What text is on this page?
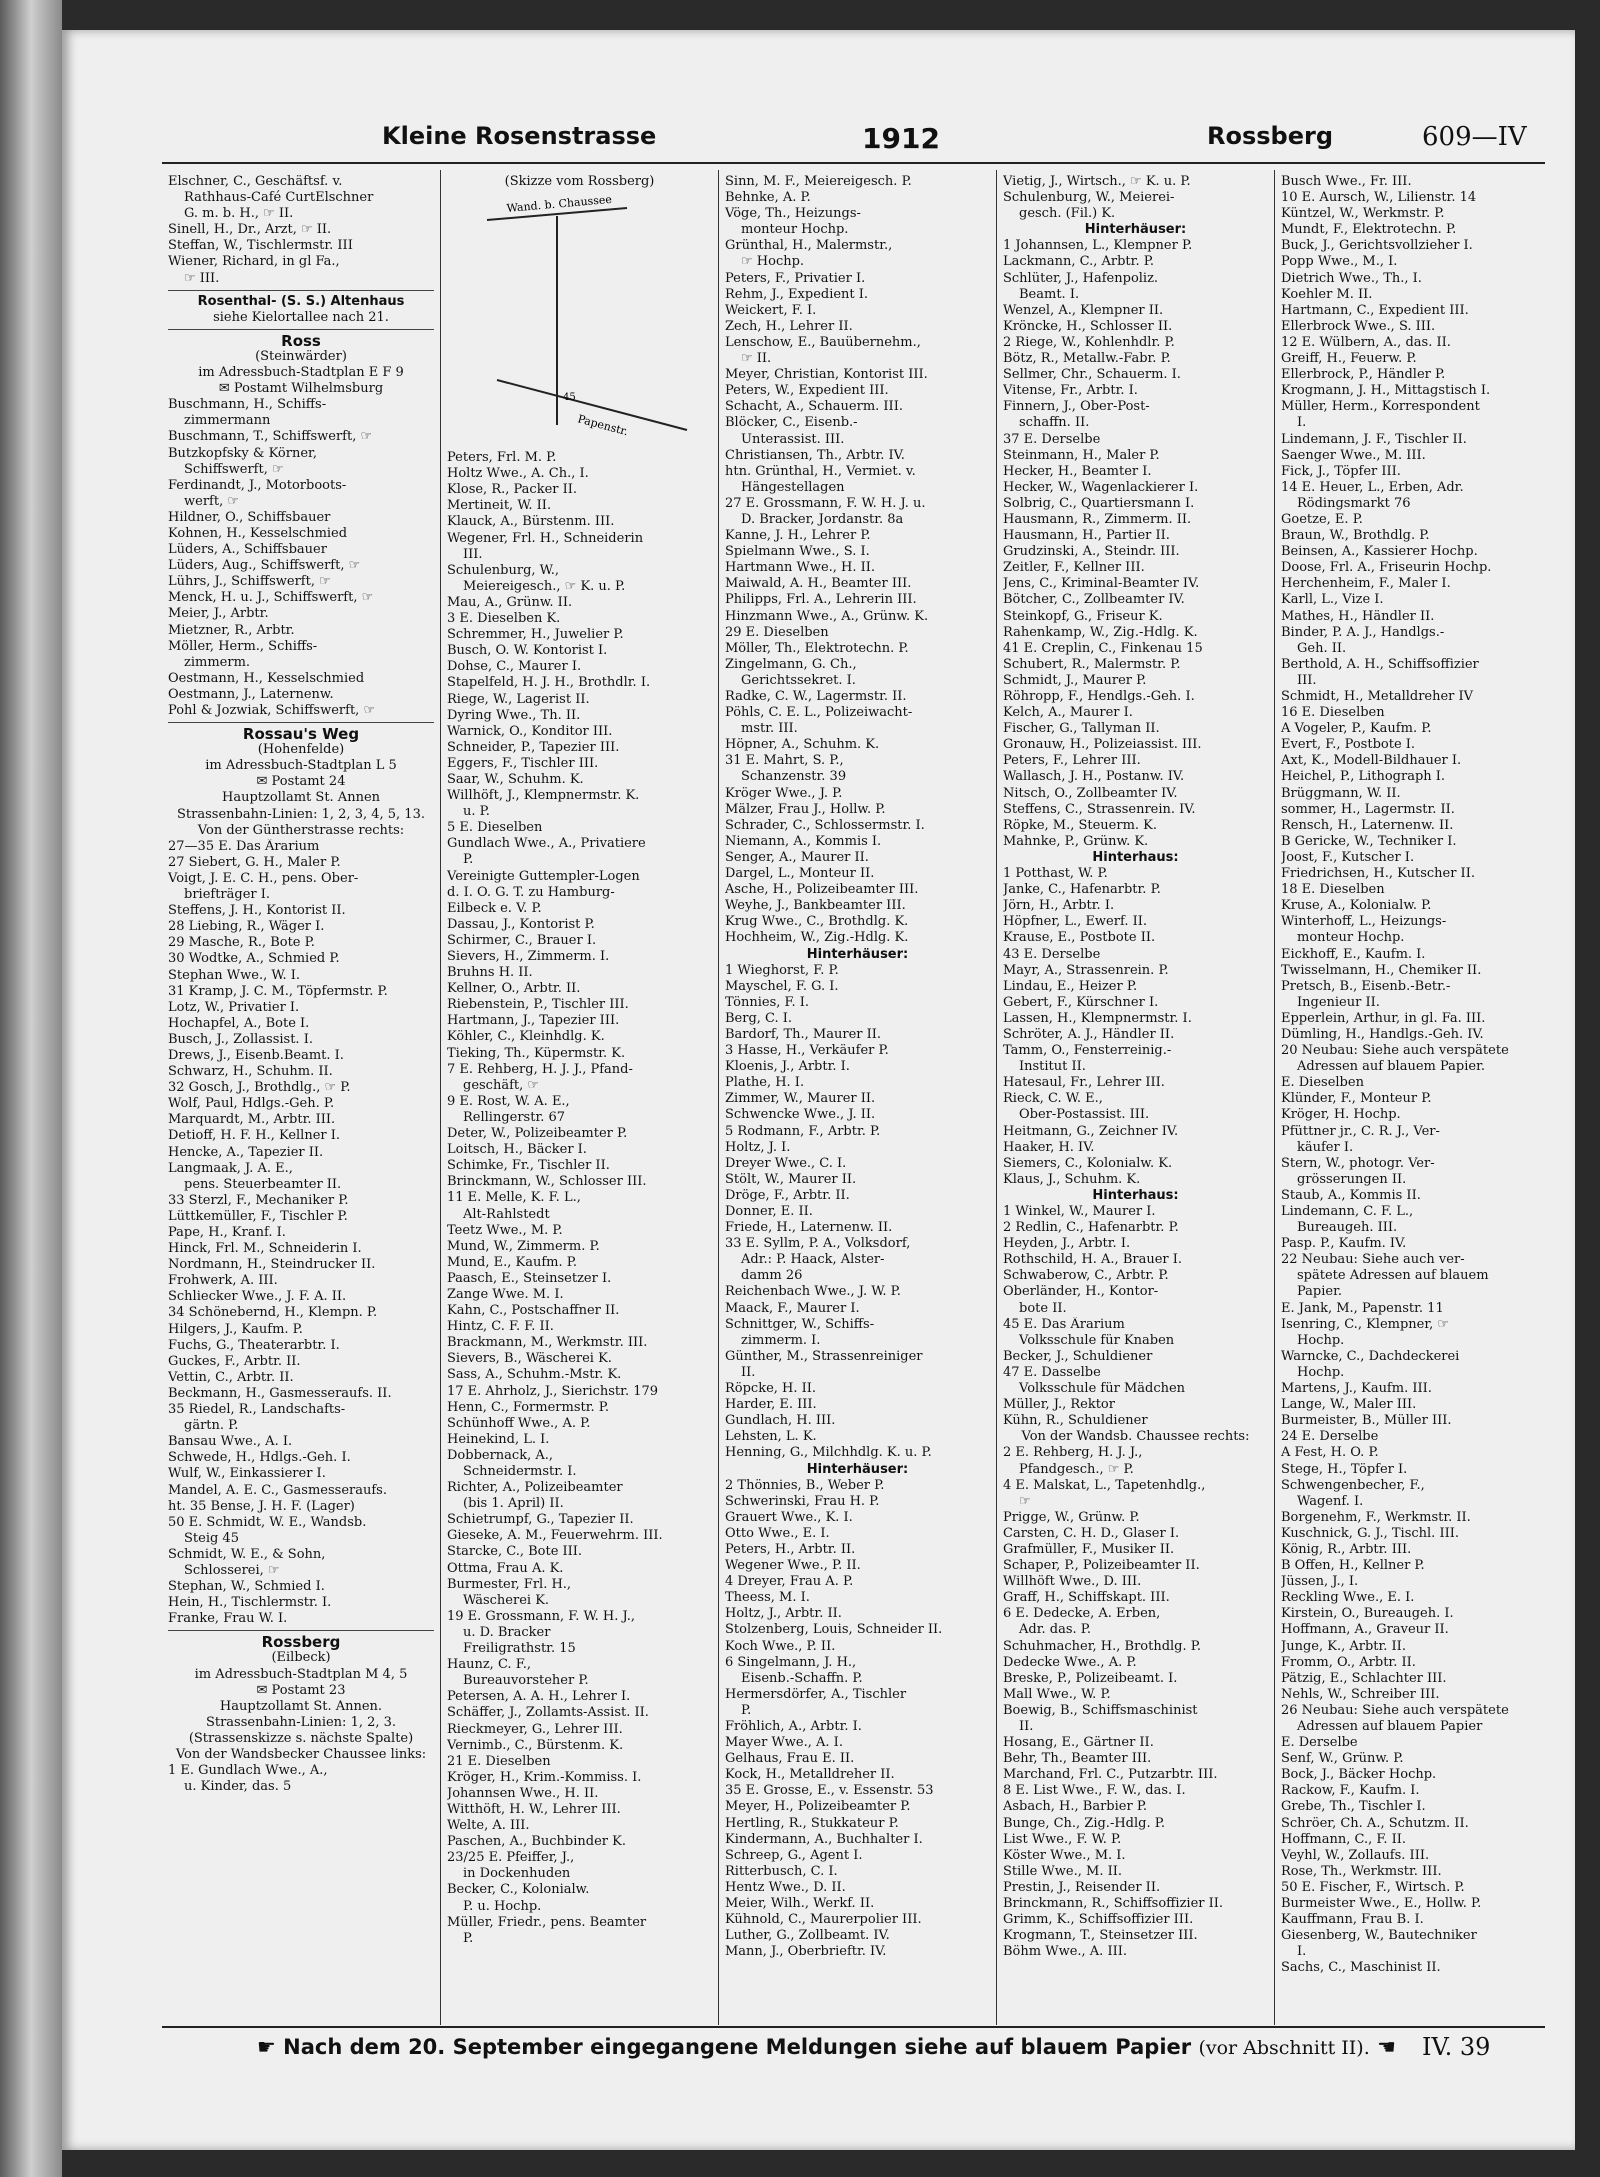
Kleine Rosenstrasse	1912	Rossberg	609—IV
Elschner, C., Geschäftsf. v.
Rathhaus-Café CurtElschner
G. m. b. H., ☞ II.
Sinell, H., Dr., Arzt, ☞ II.
Steffan, W., Tischlermstr. III
Wiener, Richard, in gl Fa.,
☞ III.
Rosenthal- (S. S.) Altenhaus
siehe Kielortallee nach 21.
Ross
(Steinwärder)
im Adressbuch-Stadtplan E F 9
✉ Postamt Wilhelmsburg
Buschmann, H., Schiffs-
zimmermann
Buschmann, T., Schiffswerft, ☞
Butzkopfsky & Körner,
Schiffswerft, ☞
Ferdinandt, J., Motorboots-
werft, ☞
Hildner, O., Schiffsbauer
Kohnen, H., Kesselschmied
Lüders, A., Schiffsbauer
Lüders, Aug., Schiffswerft, ☞
Lührs, J., Schiffswerft, ☞
Menck, H. u. J., Schiffswerft, ☞
Meier, J., Arbtr.
Mietzner, R., Arbtr.
Möller, Herm., Schiffs-
zimmerm.
Oestmann, H., Kesselschmied
Oestmann, J., Laternenw.
Pohl & Jozwiak, Schiffswerft, ☞
Rossau's Weg
(Hohenfelde)
im Adressbuch-Stadtplan L 5
✉ Postamt 24
Hauptzollamt St. Annen
Strassenbahn-Linien: 1, 2, 3, 4, 5, 13.
Von der Güntherstrasse rechts:
27—35 E. Das Ärarium
27 Siebert, G. H., Maler P.
Voigt, J. E. C. H., pens. Ober-
briefträger I.
Steffens, J. H., Kontorist II.
28 Liebing, R., Wäger I.
29 Masche, R., Bote P.
30 Wodtke, A., Schmied P.
Stephan Wwe., W. I.
31 Kramp, J. C. M., Töpfermstr. P.
Lotz, W., Privatier I.
Hochapfel, A., Bote I.
Busch, J., Zollassist. I.
Drews, J., Eisenb.Beamt. I.
Schwarz, H., Schuhm. II.
32 Gosch, J., Brothdlg., ☞ P.
Wolf, Paul, Hdlgs.-Geh. P.
Marquardt, M., Arbtr. III.
Detioff, H. F. H., Kellner I.
Hencke, A., Tapezier II.
Langmaak, J. A. E.,
pens. Steuerbeamter II.
33 Sterzl, F., Mechaniker P.
Lüttkemüller, F., Tischler P.
Pape, H., Kranf. I.
Hinck, Frl. M., Schneiderin I.
Nordmann, H., Steindrucker II.
Frohwerk, A. III.
Schliecker Wwe., J. F. A. II.
34 Schönebernd, H., Klempn. P.
Hilgers, J., Kaufm. P.
Fuchs, G., Theaterarbtr. I.
Guckes, F., Arbtr. II.
Vettin, C., Arbtr. II.
Beckmann, H., Gasmesseraufs. II.
35 Riedel, R., Landschafts-
gärtn. P.
Bansau Wwe., A. I.
Schwede, H., Hdlgs.-Geh. I.
Wulf, W., Einkassierer I.
Mandel, A. E. C., Gasmesseraufs.
ht. 35 Bense, J. H. F. (Lager)
50 E. Schmidt, W. E., Wandsb.
Steig 45
Schmidt, W. E., & Sohn,
Schlosserei, ☞
Stephan, W., Schmied I.
Hein, H., Tischlermstr. I.
Franke, Frau W. I.
Rossberg
(Eilbeck)
im Adressbuch-Stadtplan M 4, 5
✉ Postamt 23
Hauptzollamt St. Annen.
Strassenbahn-Linien: 1, 2, 3.
(Strassenskizze s. nächste Spalte)
Von der Wandsbecker Chaussee links:
1 E. Gundlach Wwe., A.,
u. Kinder, das. 5
(Skizze vom Rossberg)
Wand. b. Chaussee
Papenstr.
45
Peters, Frl. M. P.
Holtz Wwe., A. Ch., I.
Klose, R., Packer II.
Mertineit, W. II.
Klauck, A., Bürstenm. III.
Wegener, Frl. H., Schneiderin
III.
Schulenburg, W.,
Meiereigesch., ☞ K. u. P.
Mau, A., Grünw. II.
3 E. Dieselben K.
Schremmer, H., Juwelier P.
Busch, O. W. Kontorist I.
Dohse, C., Maurer I.
Stapelfeld, H. J. H., Brothdlr. I.
Riege, W., Lagerist II.
Dyring Wwe., Th. II.
Warnick, O., Konditor III.
Schneider, P., Tapezier III.
Eggers, F., Tischler III.
Saar, W., Schuhm. K.
Willhöft, J., Klempnermstr. K.
u. P.
5 E. Dieselben
Gundlach Wwe., A., Privatiere
P.
Vereinigte Guttempler-Logen
d. I. O. G. T. zu Hamburg-
Eilbeck e. V. P.
Dassau, J., Kontorist P.
Schirmer, C., Brauer I.
Sievers, H., Zimmerm. I.
Bruhns H. II.
Kellner, O., Arbtr. II.
Riebenstein, P., Tischler III.
Hartmann, J., Tapezier III.
Köhler, C., Kleinhdlg. K.
Tieking, Th., Küpermstr. K.
7 E. Rehberg, H. J. J., Pfand-
geschäft, ☞
9 E. Rost, W. A. E.,
Rellingerstr. 67
Deter, W., Polizeibeamter P.
Loitsch, H., Bäcker I.
Schimke, Fr., Tischler II.
Brinckmann, W., Schlosser III.
11 E. Melle, K. F. L.,
Alt-Rahlstedt
Teetz Wwe., M. P.
Mund, W., Zimmerm. P.
Mund, E., Kaufm. P.
Paasch, E., Steinsetzer I.
Zange Wwe. M. I.
Kahn, C., Postschaffner II.
Hintz, C. F. F. II.
Brackmann, M., Werkmstr. III.
Sievers, B., Wäscherei K.
Sass, A., Schuhm.-Mstr. K.
17 E. Ahrholz, J., Sierichstr. 179
Henn, C., Formermstr. P.
Schünhoff Wwe., A. P.
Heinekind, L. I.
Dobbernack, A.,
Schneidermstr. I.
Richter, A., Polizeibeamter
(bis 1. April) II.
Schietrumpf, G., Tapezier II.
Gieseke, A. M., Feuerwehrm. III.
Starcke, C., Bote III.
Ottma, Frau A. K.
Burmester, Frl. H.,
Wäscherei K.
19 E. Grossmann, F. W. H. J.,
u. D. Bracker
Freiligrathstr. 15
Haunz, C. F.,
Bureauvorsteher P.
Petersen, A. A. H., Lehrer I.
Schäffer, J., Zollamts-Assist. II.
Rieckmeyer, G., Lehrer III.
Vernimb., C., Bürstenm. K.
21 E. Dieselben
Kröger, H., Krim.-Kommiss. I.
Johannsen Wwe., H. II.
Witthöft, H. W., Lehrer III.
Welte, A. III.
Paschen, A., Buchbinder K.
23/25 E. Pfeiffer, J.,
in Dockenhuden
Becker, C., Kolonialw.
P. u. Hochp.
Müller, Friedr., pens. Beamter
P.
Sinn, M. F., Meiereigesch. P.
Behnke, A. P.
Vöge, Th., Heizungs-
monteur Hochp.
Grünthal, H., Malermstr.,
☞ Hochp.
Peters, F., Privatier I.
Rehm, J., Expedient I.
Weickert, F. I.
Zech, H., Lehrer II.
Lenschow, E., Bauübernehm.,
☞ II.
Meyer, Christian, Kontorist III.
Peters, W., Expedient III.
Schacht, A., Schauerm. III.
Blöcker, C., Eisenb.-
Unterassist. III.
Christiansen, Th., Arbtr. IV.
htn. Grünthal, H., Vermiet. v.
Hängestellagen
27 E. Grossmann, F. W. H. J. u.
D. Bracker, Jordanstr. 8a
Kanne, J. H., Lehrer P.
Spielmann Wwe., S. I.
Hartmann Wwe., H. II.
Maiwald, A. H., Beamter III.
Philipps, Frl. A., Lehrerin III.
Hinzmann Wwe., A., Grünw. K.
29 E. Dieselben
Möller, Th., Elektrotechn. P.
Zingelmann, G. Ch.,
Gerichtssekret. I.
Radke, C. W., Lagermstr. II.
Pöhls, C. E. L., Polizeiwacht-
mstr. III.
Höpner, A., Schuhm. K.
31 E. Mahrt, S. P.,
Schanzenstr. 39
Kröger Wwe., J. P.
Mälzer, Frau J., Hollw. P.
Schrader, C., Schlossermstr. I.
Niemann, A., Kommis I.
Senger, A., Maurer II.
Dargel, L., Monteur II.
Asche, H., Polizeibeamter III.
Weyhe, J., Bankbeamter III.
Krug Wwe., C., Brothdlg. K.
Hochheim, W., Zig.-Hdlg. K.
Hinterhäuser:
1 Wieghorst, F. P.
Mayschel, F. G. I.
Tönnies, F. I.
Berg, C. I.
Bardorf, Th., Maurer II.
3 Hasse, H., Verkäufer P.
Kloenis, J., Arbtr. I.
Plathe, H. I.
Zimmer, W., Maurer II.
Schwencke Wwe., J. II.
5 Rodmann, F., Arbtr. P.
Holtz, J. I.
Dreyer Wwe., C. I.
Stölt, W., Maurer II.
Dröge, F., Arbtr. II.
Donner, E. II.
Friede, H., Laternenw. II.
33 E. Syllm, P. A., Volksdorf,
Adr.: P. Haack, Alster-
damm 26
Reichenbach Wwe., J. W. P.
Maack, F., Maurer I.
Schnittger, W., Schiffs-
zimmerm. I.
Günther, M., Strassenreiniger
II.
Röpcke, H. II.
Harder, E. III.
Gundlach, H. III.
Lehsten, L. K.
Henning, G., Milchhdlg. K. u. P.
Hinterhäuser:
2 Thönnies, B., Weber P.
Schwerinski, Frau H. P.
Grauert Wwe., K. I.
Otto Wwe., E. I.
Peters, H., Arbtr. II.
Wegener Wwe., P. II.
4 Dreyer, Frau A. P.
Theess, M. I.
Holtz, J., Arbtr. II.
Stolzenberg, Louis, Schneider II.
Koch Wwe., P. II.
6 Singelmann, J. H.,
Eisenb.-Schaffn. P.
Hermersdörfer, A., Tischler
P.
Fröhlich, A., Arbtr. I.
Mayer Wwe., A. I.
Gelhaus, Frau E. II.
Kock, H., Metalldreher II.
35 E. Grosse, E., v. Essenstr. 53
Meyer, H., Polizeibeamter P.
Hertling, R., Stukkateur P.
Kindermann, A., Buchhalter I.
Schreep, G., Agent I.
Ritterbusch, C. I.
Hentz Wwe., D. II.
Meier, Wilh., Werkf. II.
Kühnold, C., Maurerpolier III.
Luther, G., Zollbeamt. IV.
Mann, J., Oberbrieftr. IV.
Vietig, J., Wirtsch., ☞ K. u. P.
Schulenburg, W., Meierei-
gesch. (Fil.) K.
Hinterhäuser:
1 Johannsen, L., Klempner P.
Lackmann, C., Arbtr. P.
Schlüter, J., Hafenpoliz.
Beamt. I.
Wenzel, A., Klempner II.
Kröncke, H., Schlosser II.
2 Riege, W., Kohlenhdlr. P.
Bötz, R., Metallw.-Fabr. P.
Sellmer, Chr., Schauerm. I.
Vitense, Fr., Arbtr. I.
Finnern, J., Ober-Post-
schaffn. II.
37 E. Derselbe
Steinmann, H., Maler P.
Hecker, H., Beamter I.
Hecker, W., Wagenlackierer I.
Solbrig, C., Quartiersmann I.
Hausmann, R., Zimmerm. II.
Hausmann, H., Partier II.
Grudzinski, A., Steindr. III.
Zeitler, F., Kellner III.
Jens, C., Kriminal-Beamter IV.
Bötcher, C., Zollbeamter IV.
Steinkopf, G., Friseur K.
Rahenkamp, W., Zig.-Hdlg. K.
41 E. Creplin, C., Finkenau 15
Schubert, R., Malermstr. P.
Schmidt, J., Maurer P.
Röhropp, F., Hendlgs.-Geh. I.
Kelch, A., Maurer I.
Fischer, G., Tallyman II.
Gronauw, H., Polizeiassist. III.
Peters, F., Lehrer III.
Wallasch, J. H., Postanw. IV.
Nitsch, O., Zollbeamter IV.
Steffens, C., Strassenrein. IV.
Röpke, M., Steuerm. K.
Mahnke, P., Grünw. K.
Hinterhaus:
1 Potthast, W. P.
Janke, C., Hafenarbtr. P.
Jörn, H., Arbtr. I.
Höpfner, L., Ewerf. II.
Krause, E., Postbote II.
43 E. Derselbe
Mayr, A., Strassenrein. P.
Lindau, E., Heizer P.
Gebert, F., Kürschner I.
Lassen, H., Klempnermstr. I.
Schröter, A. J., Händler II.
Tamm, O., Fensterreinig.-
Institut II.
Hatesaul, Fr., Lehrer III.
Rieck, C. W. E.,
Ober-Postassist. III.
Heitmann, G., Zeichner IV.
Haaker, H. IV.
Siemers, C., Kolonialw. K.
Klaus, J., Schuhm. K.
Hinterhaus:
1 Winkel, W., Maurer I.
2 Redlin, C., Hafenarbtr. P.
Heyden, J., Arbtr. I.
Rothschild, H. A., Brauer I.
Schwaberow, C., Arbtr. P.
Oberländer, H., Kontor-
bote II.
45 E. Das Ärarium
Volksschule für Knaben
Becker, J., Schuldiener
47 E. Dasselbe
Volksschule für Mädchen
Müller, J., Rektor
Kühn, R., Schuldiener
Von der Wandsb. Chaussee rechts:
2 E. Rehberg, H. J. J.,
Pfandgesch., ☞ P.
4 E. Malskat, L., Tapetenhdlg.,
☞
Prigge, W., Grünw. P.
Carsten, C. H. D., Glaser I.
Grafmüller, F., Musiker II.
Schaper, P., Polizeibeamter II.
Willhöft Wwe., D. III.
Graff, H., Schiffskapt. III.
6 E. Dedecke, A. Erben,
Adr. das. P.
Schuhmacher, H., Brothdlg. P.
Dedecke Wwe., A. P.
Breske, P., Polizeibeamt. I.
Mall Wwe., W. P.
Boewig, B., Schiffsmaschinist
II.
Hosang, E., Gärtner II.
Behr, Th., Beamter III.
Marchand, Frl. C., Putzarbtr. III.
8 E. List Wwe., F. W., das. I.
Asbach, H., Barbier P.
Bunge, Ch., Zig.-Hdlg. P.
List Wwe., F. W. P.
Köster Wwe., M. I.
Stille Wwe., M. II.
Prestin, J., Reisender II.
Brinckmann, R., Schiffsoffizier II.
Grimm, K., Schiffsoffizier III.
Krogmann, T., Steinsetzer III.
Böhm Wwe., A. III.
Busch Wwe., Fr. III.
10 E. Aursch, W., Lilienstr. 14
Küntzel, W., Werkmstr. P.
Mundt, F., Elektrotechn. P.
Buck, J., Gerichtsvollzieher I.
Popp Wwe., M., I.
Dietrich Wwe., Th., I.
Koehler M. II.
Hartmann, C., Expedient III.
Ellerbrock Wwe., S. III.
12 E. Wülbern, A., das. II.
Greiff, H., Feuerw. P.
Ellerbrock, P., Händler P.
Krogmann, J. H., Mittagstisch I.
Müller, Herm., Korrespondent
I.
Lindemann, J. F., Tischler II.
Saenger Wwe., M. III.
Fick, J., Töpfer III.
14 E. Heuer, L., Erben, Adr.
Rödingsmarkt 76
Goetze, E. P.
Braun, W., Brothdlg. P.
Beinsen, A., Kassierer Hochp.
Doose, Frl. A., Friseurin Hochp.
Herchenheim, F., Maler I.
Karll, L., Vize I.
Mathes, H., Händler II.
Binder, P. A. J., Handlgs.-
Geh. II.
Berthold, A. H., Schiffsoffizier
III.
Schmidt, H., Metalldreher IV
16 E. Dieselben
A Vogeler, P., Kaufm. P.
Evert, F., Postbote I.
Axt, K., Modell-Bildhauer I.
Heichel, P., Lithograph I.
Brüggmann, W. II.
sommer, H., Lagermstr. II.
Rensch, H., Laternenw. II.
B Gericke, W., Techniker I.
Joost, F., Kutscher I.
Friedrichsen, H., Kutscher II.
18 E. Dieselben
Kruse, A., Kolonialw. P.
Winterhoff, L., Heizungs-
monteur Hochp.
Eickhoff, E., Kaufm. I.
Twisselmann, H., Chemiker II.
Pretsch, B., Eisenb.-Betr.-
Ingenieur II.
Epperlein, Arthur, in gl. Fa. III.
Dümling, H., Handlgs.-Geh. IV.
20 Neubau: Siehe auch verspätete
Adressen auf blauem Papier.
E. Dieselben
Klünder, F., Monteur P.
Kröger, H. Hochp.
Pfüttner jr., C. R. J., Ver-
käufer I.
Stern, W., photogr. Ver-
grösserungen II.
Staub, A., Kommis II.
Lindemann, C. F. L.,
Bureaugeh. III.
Pasp. P., Kaufm. IV.
22 Neubau: Siehe auch ver-
spätete Adressen auf blauem
Papier.
E. Jank, M., Papenstr. 11
Isenring, C., Klempner, ☞
Hochp.
Warncke, C., Dachdeckerei
Hochp.
Martens, J., Kaufm. III.
Lange, W., Maler III.
Burmeister, B., Müller III.
24 E. Derselbe
A Fest, H. O. P.
Stege, H., Töpfer I.
Schwengenbecher, F.,
Wagenf. I.
Borgenehm, F., Werkmstr. II.
Kuschnick, G. J., Tischl. III.
König, R., Arbtr. III.
B Offen, H., Kellner P.
Jüssen, J., I.
Reckling Wwe., E. I.
Kirstein, O., Bureaugeh. I.
Hoffmann, A., Graveur II.
Junge, K., Arbtr. II.
Fromm, O., Arbtr. II.
Pätzig, E., Schlachter III.
Nehls, W., Schreiber III.
26 Neubau: Siehe auch verspätete
Adressen auf blauem Papier
E. Derselbe
Senf, W., Grünw. P.
Bock, J., Bäcker Hochp.
Rackow, F., Kaufm. I.
Grebe, Th., Tischler I.
Schröer, Ch. A., Schutzm. II.
Hoffmann, C., F. II.
Veyhl, W., Zollaufs. III.
Rose, Th., Werkmstr. III.
50 E. Fischer, F., Wirtsch. P.
Burmeister Wwe., E., Hollw. P.
Kauffmann, Frau B. I.
Giesenberg, W., Bautechniker
I.
Sachs, C., Maschinist II.
☛ Nach dem 20. September eingegangene Meldungen siehe auf blauem Papier (vor Abschnitt II). ☚ IV. 39
